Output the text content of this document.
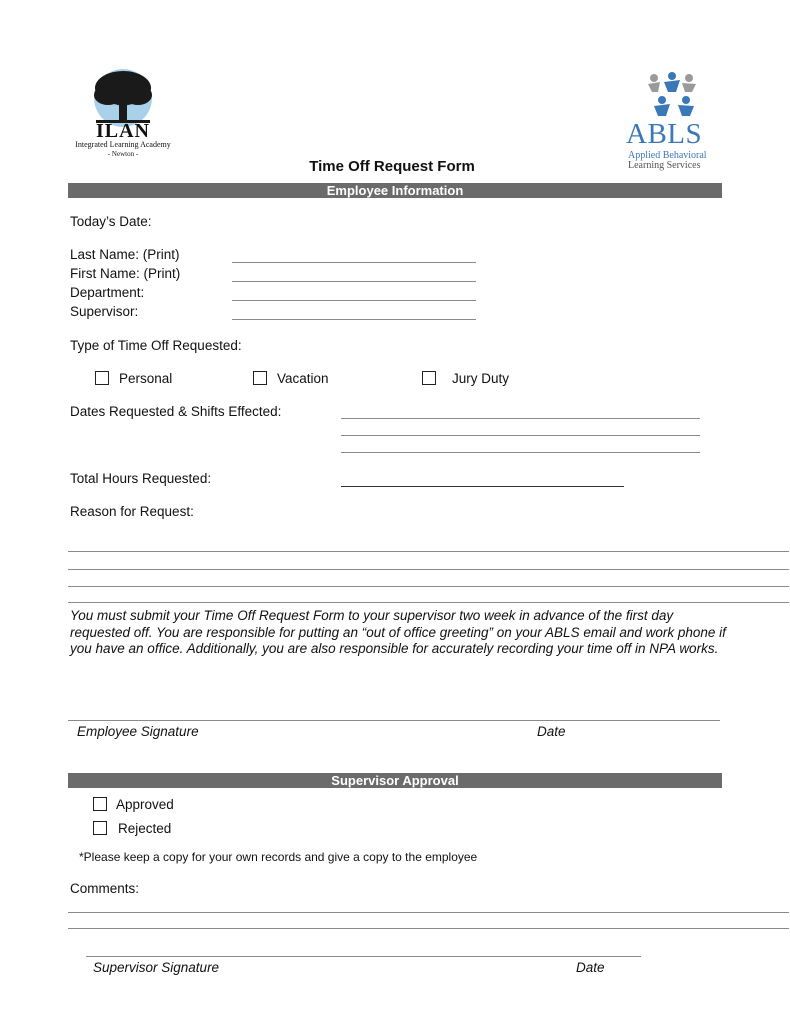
ILAN
Integrated Learning Academy
- Newton -
ABLS
Applied Behavioral
Learning Services
Time Off Request Form
Employee Information
Today’s Date:
Last Name: (Print)
First Name: (Print)
Department:
Supervisor:
Type of Time Off Requested:
Personal	Vacation	Jury Duty
Dates Requested & Shifts Effected:
Total Hours Requested:
Reason for Request:
You must submit your Time Off Request Form to your supervisor two week in advance of the first day requested off. You are responsible for putting an “out of office greeting” on your ABLS email and work phone if you have an office. Additionally, you are also responsible for accurately recording your time off in NPA works.
Employee Signature	Date
Supervisor Approval
Approved
Rejected
*Please keep a copy for your own records and give a copy to the employee
Comments:
Supervisor Signature	Date
